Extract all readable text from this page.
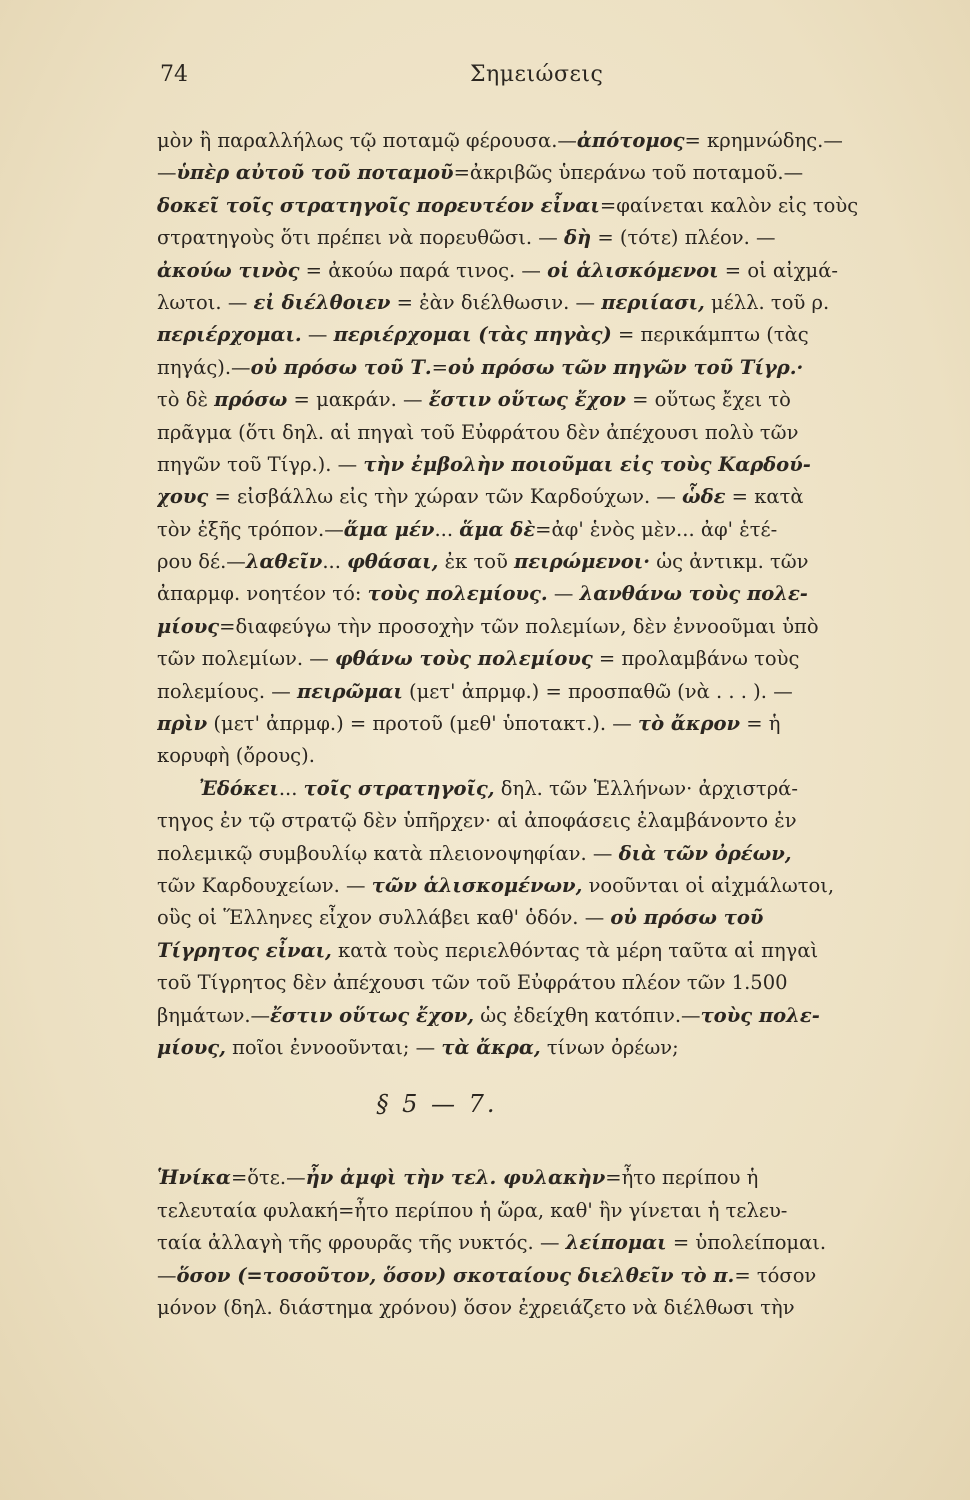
74	Σημειώσεις
μὸν ἢ παραλλήλως τῷ ποταμῷ φέρουσα.—ἀπότομος= κρημνώδης.—
—ὑπὲρ αὐτοῦ τοῦ ποταμοῦ=ἀκριβῶς ὑπεράνω τοῦ ποταμοῦ.—
δοκεῖ τοῖς στρατηγοῖς πορευτέον εἶναι=φαίνεται καλὸν εἰς τοὺς
στρατηγοὺς ὅτι πρέπει νὰ πορευθῶσι. — δὴ = (τότε) πλέον. —
ἀκούω τινὸς = ἀκούω παρά τινος. — οἱ ἁλισκόμενοι = οἱ αἰχμά-
λωτοι. — εἰ διέλθοιεν = ἐὰν διέλθωσιν. — περιίασι, μέλλ. τοῦ ρ.
περιέρχομαι. — περιέρχομαι (τὰς πηγὰς) = περικάμπτω (τὰς
πηγάς).—οὐ πρόσω τοῦ Τ.=οὐ πρόσω τῶν πηγῶν τοῦ Τίγρ.·
τὸ δὲ πρόσω = μακράν. — ἔστιν οὕτως ἔχον = οὕτως ἔχει τὸ
πρᾶγμα (ὅτι δηλ. αἱ πηγαὶ τοῦ Εὐφράτου δὲν ἀπέχουσι πολὺ τῶν
πηγῶν τοῦ Τίγρ.). — τὴν ἐμβολὴν ποιοῦμαι εἰς τοὺς Καρδού-
χους = εἰσβάλλω εἰς τὴν χώραν τῶν Καρδούχων. — ὧδε = κατὰ
τὸν ἑξῆς τρόπον.—ἅμα μέν... ἅμα δὲ=ἀφ' ἑνὸς μὲν... ἀφ' ἑτέ-
ρου δέ.—λαθεῖν... φθάσαι, ἐκ τοῦ πειρώμενοι· ὡς ἀντικμ. τῶν
ἀπαρμφ. νοητέον τό: τοὺς πολεμίους. — λανθάνω τοὺς πολε-
μίους=διαφεύγω τὴν προσοχὴν τῶν πολεμίων, δὲν ἐννοοῦμαι ὑπὸ
τῶν πολεμίων. — φθάνω τοὺς πολεμίους = προλαμβάνω τοὺς
πολεμίους. — πειρῶμαι (μετ' ἀπρμφ.) = προσπαθῶ (νὰ . . . ). —
πρὶν (μετ' ἀπρμφ.) = προτοῦ (μεθ' ὑποτακτ.). — τὸ ἄκρον = ἡ
κορυφὴ (ὄρους).
Ἐδόκει... τοῖς στρατηγοῖς, δηλ. τῶν Ἑλλήνων· ἀρχιστρά-
τηγος ἐν τῷ στρατῷ δὲν ὑπῆρχεν· αἱ ἀποφάσεις ἐλαμβάνοντο ἐν
πολεμικῷ συμβουλίῳ κατὰ πλειονοψηφίαν. — διὰ τῶν ὀρέων,
τῶν Καρδουχείων. — τῶν ἁλισκομένων, νοοῦνται οἱ αἰχμάλωτοι,
οὓς οἱ Ἕλληνες εἶχον συλλάβει καθ' ὁδόν. — οὐ πρόσω τοῦ
Τίγρητος εἶναι, κατὰ τοὺς περιελθόντας τὰ μέρη ταῦτα αἱ πηγαὶ
τοῦ Τίγρητος δὲν ἀπέχουσι τῶν τοῦ Εὐφράτου πλέον τῶν 1.500
βημάτων.—ἔστιν οὕτως ἔχον, ὡς ἐδείχθη κατόπιν.—τοὺς πολε-
μίους, ποῖοι ἐννοοῦνται; — τὰ ἄκρα, τίνων ὀρέων;
§ 5 — 7.
Ἡνίκα=ὅτε.—ἦν ἀμφὶ τὴν τελ. φυλακὴν=ἦτο περίπου ἡ
τελευταία φυλακή=ἦτο περίπου ἡ ὥρα, καθ' ἣν γίνεται ἡ τελευ-
ταία ἀλλαγὴ τῆς φρουρᾶς τῆς νυκτός. — λείπομαι = ὑπολείπομαι.
—ὅσον (=τοσοῦτον, ὅσον) σκοταίους διελθεῖν τὸ π.= τόσον
μόνον (δηλ. διάστημα χρόνου) ὅσον ἐχρειάζετο νὰ διέλθωσι τὴν
